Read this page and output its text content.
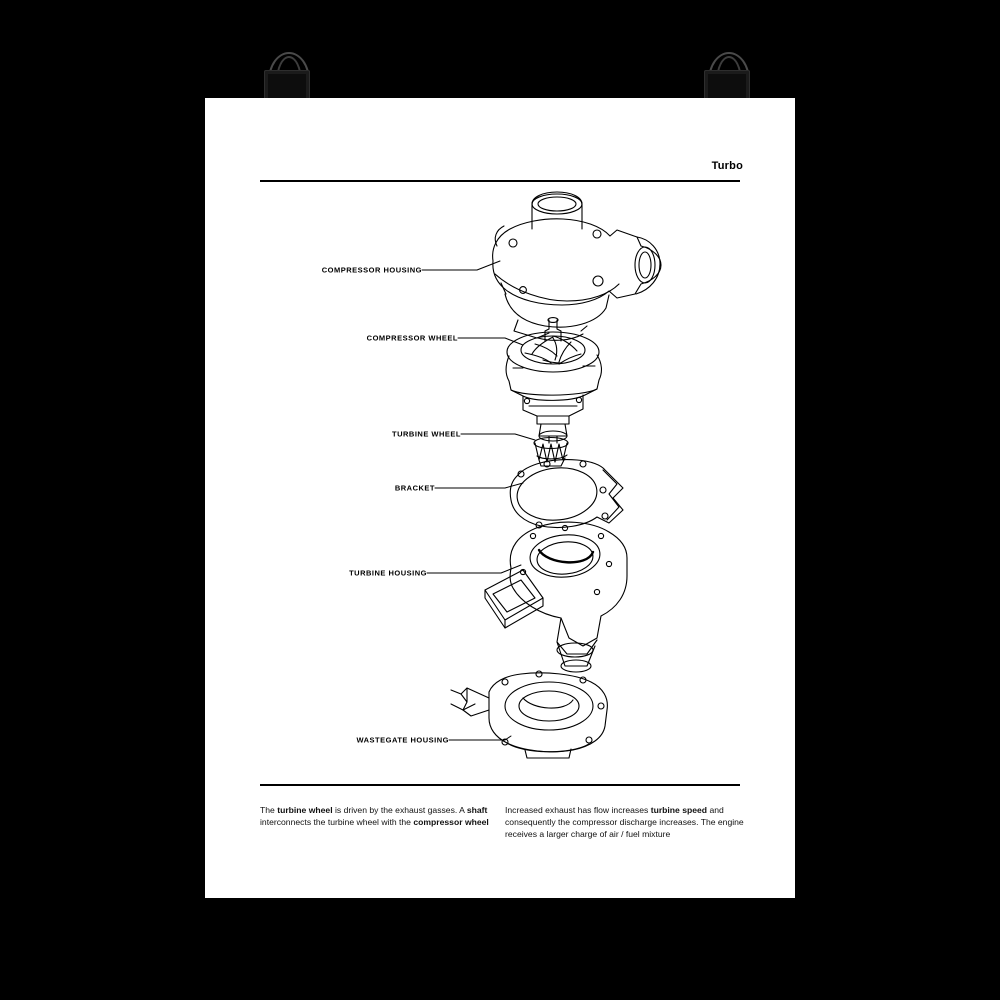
Turbo
COMPRESSOR HOUSING
COMPRESSOR WHEEL
TURBINE WHEEL
BRACKET
TURBINE HOUSING
WASTEGATE HOUSING
The turbine wheel is driven by the exhaust gasses. A shaft interconnects the turbine wheel with the compressor wheel
Increased exhaust has flow increases turbine speed and consequently the compressor discharge increases. The engine receives a larger charge of air / fuel mixture
